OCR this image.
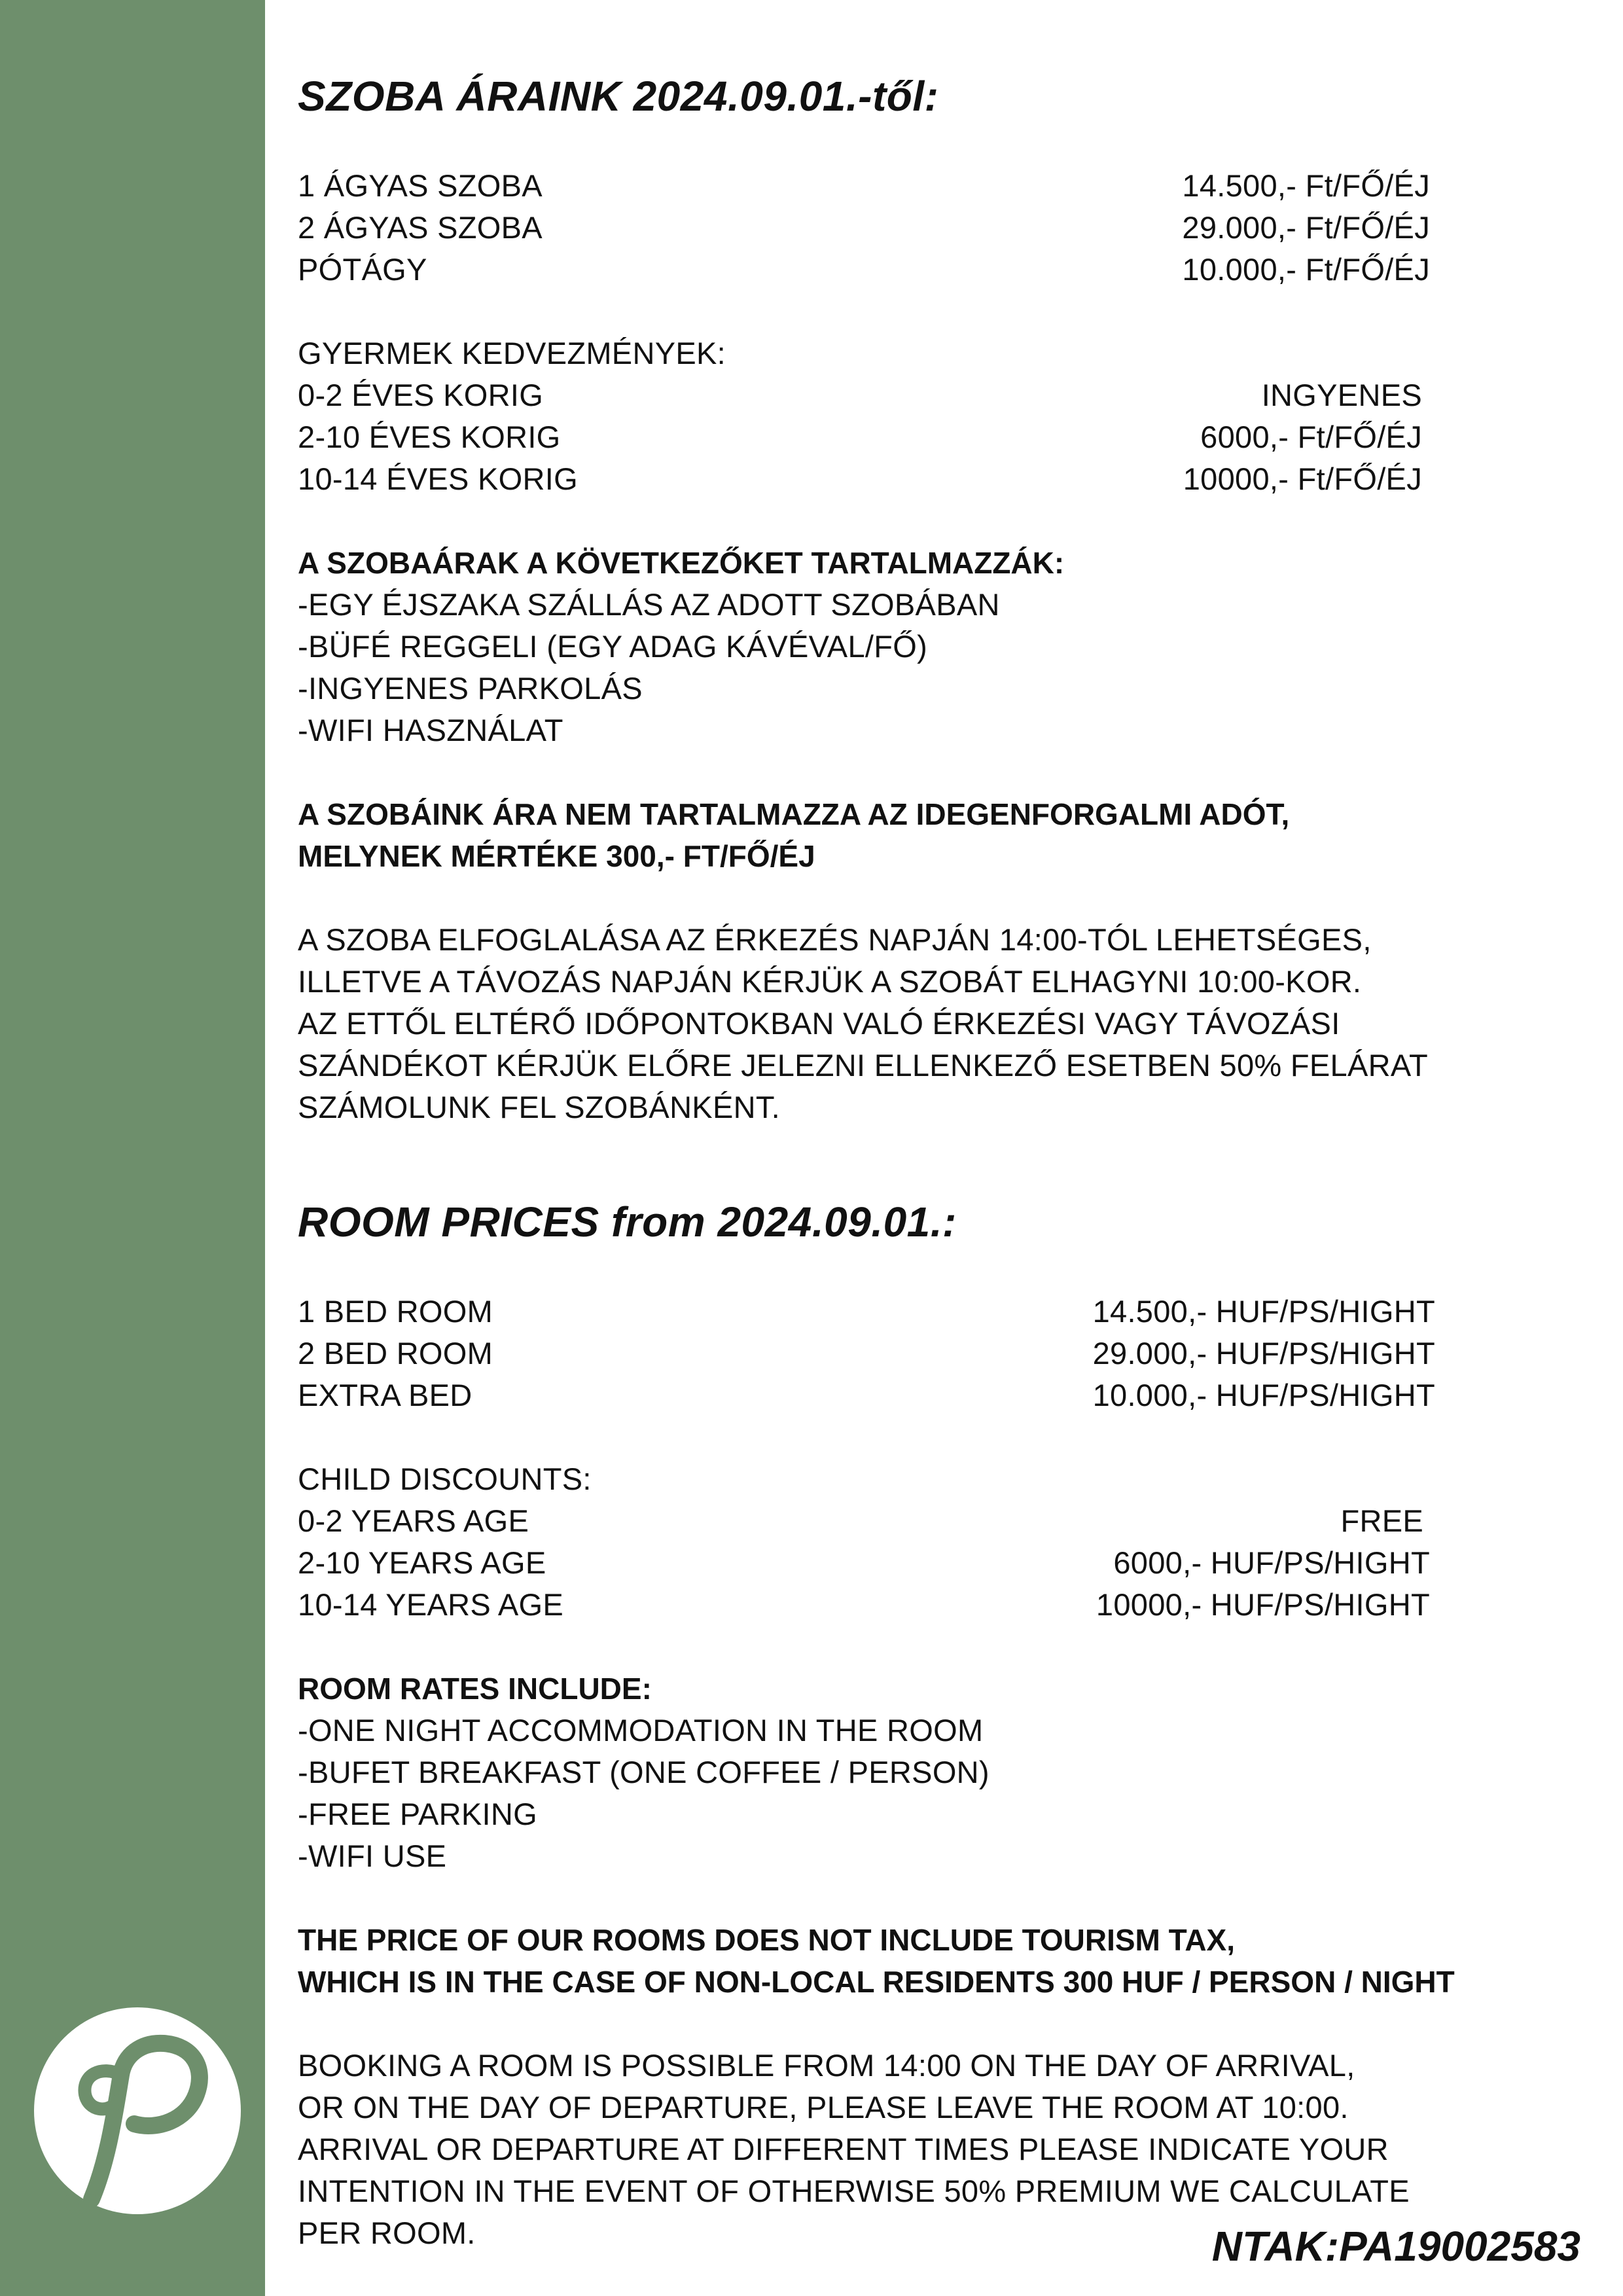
SZOBA ÁRAINK 2024.09.01.-től:
1 ÁGYAS SZOBA	14.500,- Ft/FŐ/ÉJ
2 ÁGYAS SZOBA	29.000,- Ft/FŐ/ÉJ
PÓTÁGY	10.000,- Ft/FŐ/ÉJ
GYERMEK KEDVEZMÉNYEK:
0-2 ÉVES KORIG	INGYENES
2-10 ÉVES KORIG	6000,- Ft/FŐ/ÉJ
10-14 ÉVES KORIG	10000,- Ft/FŐ/ÉJ
A SZOBAÁRAK A KÖVETKEZŐKET TARTALMAZZÁK:
-EGY ÉJSZAKA SZÁLLÁS AZ ADOTT SZOBÁBAN
-BÜFÉ REGGELI (EGY ADAG KÁVÉVAL/FŐ)
-INGYENES PARKOLÁS
-WIFI HASZNÁLAT
A SZOBÁINK ÁRA NEM TARTALMAZZA AZ IDEGENFORGALMI ADÓT,
MELYNEK MÉRTÉKE 300,- FT/FŐ/ÉJ
A SZOBA ELFOGLALÁSA AZ ÉRKEZÉS NAPJÁN 14:00-TÓL LEHETSÉGES,
ILLETVE A TÁVOZÁS NAPJÁN KÉRJÜK A SZOBÁT ELHAGYNI 10:00-KOR.
AZ ETTŐL ELTÉRŐ IDŐPONTOKBAN VALÓ ÉRKEZÉSI VAGY TÁVOZÁSI
SZÁNDÉKOT KÉRJÜK ELŐRE JELEZNI ELLENKEZŐ ESETBEN 50% FELÁRAT
SZÁMOLUNK FEL SZOBÁNKÉNT.
ROOM PRICES from 2024.09.01.:
1 BED ROOM	14.500,- HUF/PS/HIGHT
2 BED ROOM	29.000,- HUF/PS/HIGHT
EXTRA BED	10.000,- HUF/PS/HIGHT
CHILD DISCOUNTS:
0-2 YEARS AGE	FREE
2-10 YEARS AGE	6000,- HUF/PS/HIGHT
10-14 YEARS AGE	10000,- HUF/PS/HIGHT
ROOM RATES INCLUDE:
-ONE NIGHT ACCOMMODATION IN THE ROOM
-BUFET BREAKFAST (ONE COFFEE / PERSON)
-FREE PARKING
-WIFI USE
THE PRICE OF OUR ROOMS DOES NOT INCLUDE TOURISM TAX,
WHICH IS IN THE CASE OF NON-LOCAL RESIDENTS 300 HUF / PERSON / NIGHT
BOOKING A ROOM IS POSSIBLE FROM 14:00 ON THE DAY OF ARRIVAL,
OR ON THE DAY OF DEPARTURE, PLEASE LEAVE THE ROOM AT 10:00.
ARRIVAL OR DEPARTURE AT DIFFERENT TIMES PLEASE INDICATE YOUR
INTENTION IN THE EVENT OF OTHERWISE 50% PREMIUM WE CALCULATE
PER ROOM.	NTAK:PA19002583
